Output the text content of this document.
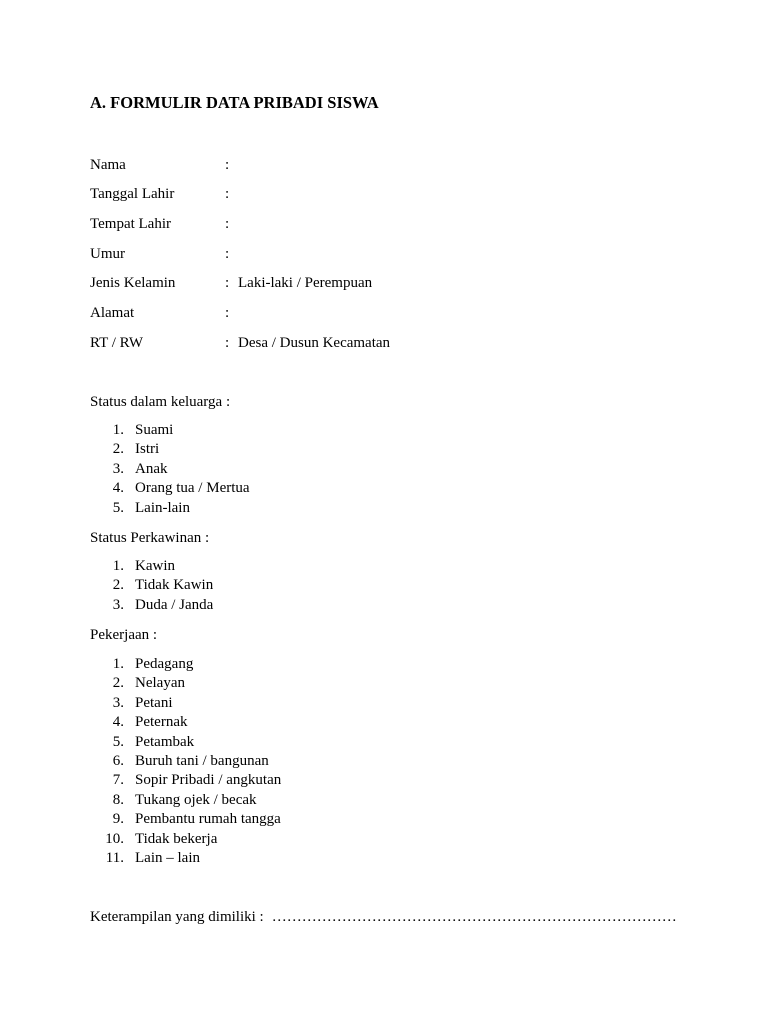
A. FORMULIR DATA PRIBADI SISWA
Nama	:
Tanggal Lahir	:
Tempat Lahir	:
Umur	:
Jenis Kelamin	: Laki-laki / Perempuan
Alamat	:
RT / RW	: Desa / Dusun Kecamatan
Status dalam keluarga :
1. Suami
2. Istri
3. Anak
4. Orang tua / Mertua
5. Lain-lain
Status Perkawinan :
1. Kawin
2. Tidak Kawin
3. Duda / Janda
Pekerjaan :
1. Pedagang
2. Nelayan
3. Petani
4. Peternak
5. Petambak
6. Buruh tani / bangunan
7. Sopir Pribadi / angkutan
8. Tukang ojek / becak
9. Pembantu rumah tangga
10. Tidak bekerja
11. Lain – lain
Keterampilan yang dimiliki : ………………………………………………………………………
